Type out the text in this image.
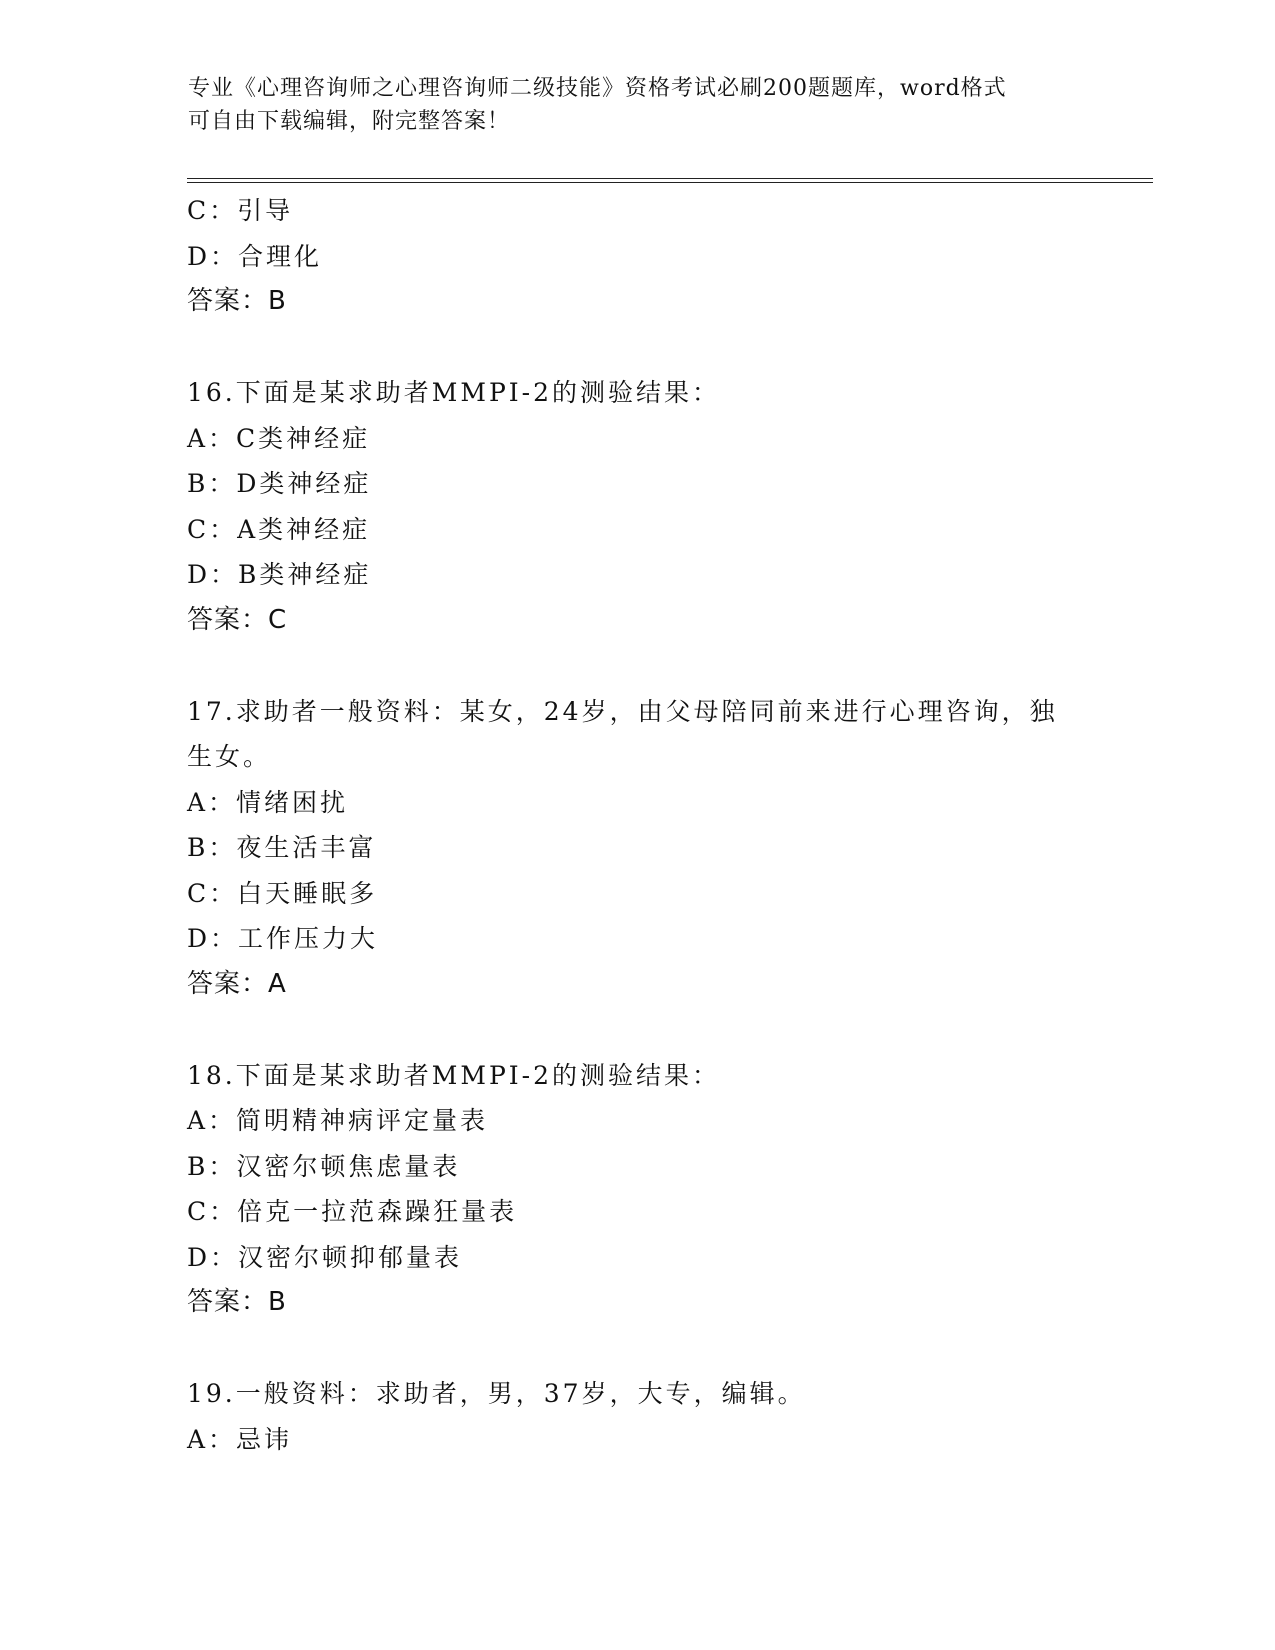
专业《心理咨询师之心理咨询师二级技能》资格考试必刷200题题库，word格式
可自由下载编辑，附完整答案！
C：引导
D：合理化
答案：B
16.下面是某求助者MMPI-2的测验结果：
A：C类神经症
B：D类神经症
C：A类神经症
D：B类神经症
答案：C
17.求助者一般资料：某女，24岁，由父母陪同前来进行心理咨询，独
生女。
A：情绪困扰
B：夜生活丰富
C：白天睡眠多
D：工作压力大
答案：A
18.下面是某求助者MMPI-2的测验结果：
A：简明精神病评定量表
B：汉密尔顿焦虑量表
C：倍克一拉范森躁狂量表
D：汉密尔顿抑郁量表
答案：B
19.一般资料：求助者，男，37岁，大专，编辑。
A：忌讳
